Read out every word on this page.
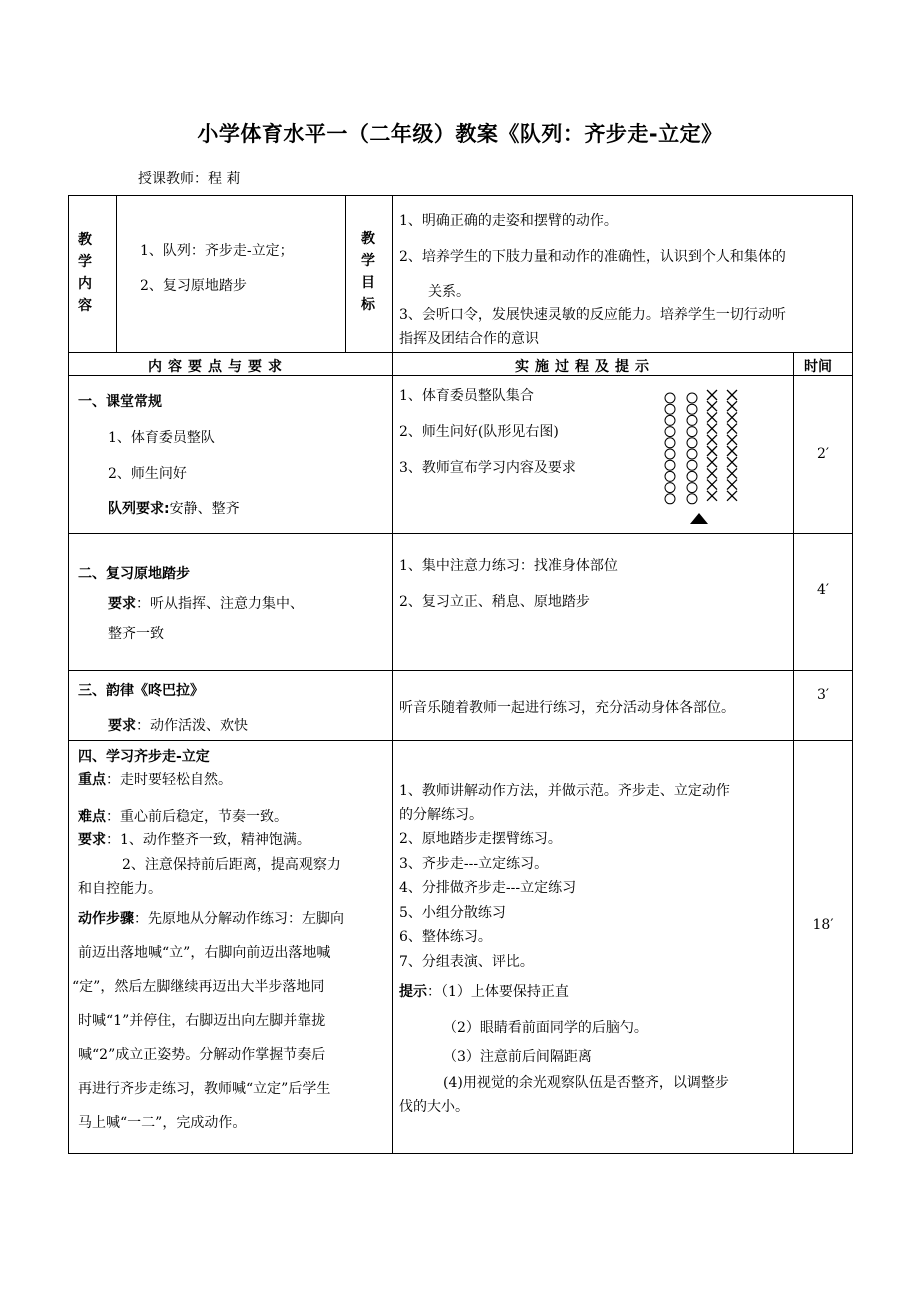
小学体育水平一（二年级）教案《队列：齐步走-立定》
授课教师：程 莉
教
学
内
容
1、队列：齐步走-立定；
2、复习原地踏步
教
学
目
标
1、明确正确的走姿和摆臂的动作。
2、培养学生的下肢力量和动作的准确性，认识到个人和集体的
关系。
3、会听口令，发展快速灵敏的反应能力。培养学生一切行动听
指挥及团结合作的意识
内容要点与要求	实施过程及提示	时间
一、课堂常规
1、体育委员整队
2、师生问好
队列要求:安静、整齐
1、体育委员整队集合
2、师生问好(队形见右图)
3、教师宣布学习内容及要求
2′
二、复习原地踏步
要求：听从指挥、注意力集中、
整齐一致
1、集中注意力练习：找准身体部位
2、复习立正、稍息、原地踏步
4′
三、韵律《咚巴拉》
要求：动作活泼、欢快
听音乐随着教师一起进行练习，充分活动身体各部位。
3′
四、学习齐步走-立定
重点：走时要轻松自然。
难点：重心前后稳定，节奏一致。
要求：1、动作整齐一致，精神饱满。
2、注意保持前后距离，提高观察力
和自控能力。
动作步骤：先原地从分解动作练习：左脚向
前迈出落地喊“立”，右脚向前迈出落地喊
“定”，然后左脚继续再迈出大半步落地同
时喊“1”并停住，右脚迈出向左脚并靠拢
喊“2”成立正姿势。分解动作掌握节奏后
再进行齐步走练习，教师喊“立定”后学生
马上喊“一二”，完成动作。
1、教师讲解动作方法，并做示范。齐步走、立定动作
的分解练习。
2、原地踏步走摆臂练习。
3、齐步走---立定练习。
4、分排做齐步走---立定练习
5、小组分散练习
6、整体练习。
7、分组表演、评比。
提示：（1）上体要保持正直
（2）眼睛看前面同学的后脑勺。
（3）注意前后间隔距离
(4)用视觉的余光观察队伍是否整齐，以调整步
伐的大小。
18′
